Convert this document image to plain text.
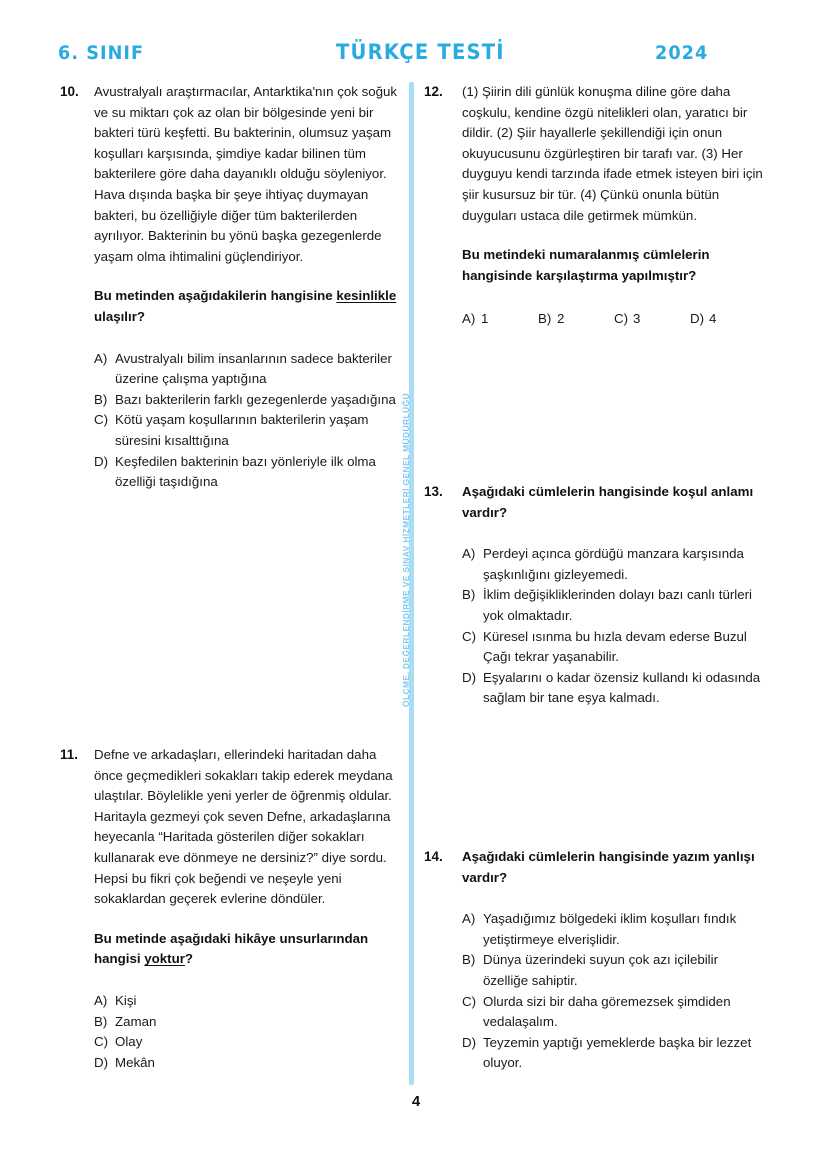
6. SINIF	TÜRKÇE TESTİ	2024
ÖLÇME, DEĞERLENDİRME VE SINAV HİZMETLERİ GENEL MÜDÜRLÜĞÜ
10.	Avustralyalı araştırmacılar, Antarktika'nın çok soğuk ve su miktarı çok az olan bir bölgesinde yeni bir bakteri türü keşfetti. Bu bakterinin, olumsuz yaşam koşulları karşısında, şimdiye kadar bilinen tüm bakterilere göre daha dayanıklı olduğu söyleniyor. Hava dışında başka bir şeye ihtiyaç duymayan bakteri, bu özelliğiyle diğer tüm bakterilerden ayrılıyor. Bakterinin bu yönü başka gezegenlerde yaşam olma ihtimalini güçlendiriyor.

Bu metinden aşağıdakilerin hangisine kesinlikle ulaşılır?

A) Avustralyalı bilim insanlarının sadece bakteriler üzerine çalışma yaptığına
B) Bazı bakterilerin farklı gezegenlerde yaşadığına
C) Kötü yaşam koşullarının bakterilerin yaşam süresini kısalttığına
D) Keşfedilen bakterinin bazı yönleriyle ilk olma özelliği taşıdığına
11.	Defne ve arkadaşları, ellerindeki haritadan daha önce geçmedikleri sokakları takip ederek meydana ulaştılar. Böylelikle yeni yerler de öğrenmiş oldular. Haritayla gezmeyi çok seven Defne, arkadaşlarına heyecanla “Haritada gösterilen diğer sokakları kullanarak eve dönmeye ne dersiniz?” diye sordu. Hepsi bu fikri çok beğendi ve neşeyle yeni sokaklardan geçerek evlerine döndüler.

Bu metinde aşağıdaki hikâye unsurlarından hangisi yoktur?

A) Kişi
B) Zaman
C) Olay
D) Mekân
12.	(1) Şiirin dili günlük konuşma diline göre daha coşkulu, kendine özgü nitelikleri olan, yaratıcı bir dildir. (2) Şiir hayallerle şekillendiği için onun okuyucusunu özgürleştiren bir tarafı var. (3) Her duyguyu kendi tarzında ifade etmek isteyen biri için şiir kusursuz bir tür. (4) Çünkü onunla bütün duyguları ustaca dile getirmek mümkün.

Bu metindeki numaralanmış cümlelerin hangisinde karşılaştırma yapılmıştır?

A) 1	B) 2	C) 3	D) 4
13.	Aşağıdaki cümlelerin hangisinde koşul anlamı vardır?

A) Perdeyi açınca gördüğü manzara karşısında şaşkınlığını gizleyemedi.
B) İklim değişikliklerinden dolayı bazı canlı türleri yok olmaktadır.
C) Küresel ısınma bu hızla devam ederse Buzul Çağı tekrar yaşanabilir.
D) Eşyalarını o kadar özensiz kullandı ki odasında sağlam bir tane eşya kalmadı.
14.	Aşağıdaki cümlelerin hangisinde yazım yanlışı vardır?

A) Yaşadığımız bölgedeki iklim koşulları fındık yetiştirmeye elverişlidir.
B) Dünya üzerindeki suyun çok azı içilebilir özelliğe sahiptir.
C) Olurda sizi bir daha göremezsek şimdiden vedalaşalım.
D) Teyzemin yaptığı yemeklerde başka bir lezzet oluyor.
4
